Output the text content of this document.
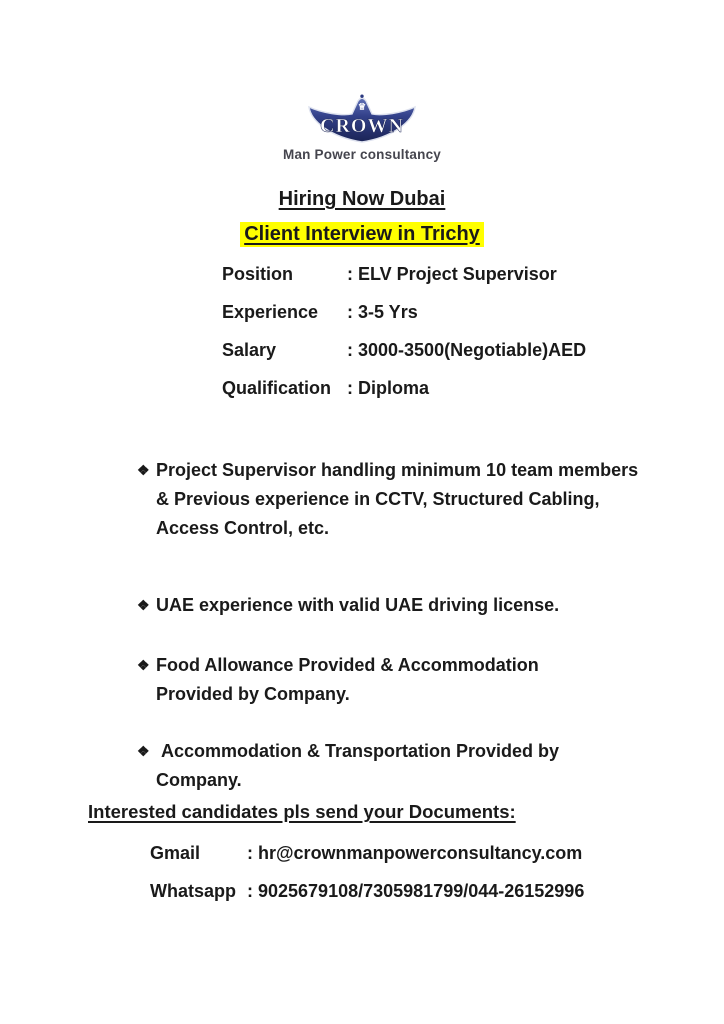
♕
CROWN
Man Power consultancy
Hiring Now Dubai
Client Interview in Trichy
Position	: ELV Project Supervisor
Experience	: 3-5 Yrs
Salary	: 3000-3500(Negotiable)AED
Qualification : Diploma
❖ Project Supervisor handling minimum 10 team members & Previous experience in CCTV, Structured Cabling, Access Control, etc.
❖ UAE experience with valid UAE driving license.
❖ Food Allowance Provided & Accommodation Provided by Company.
❖ Accommodation & Transportation Provided by Company.
Interested candidates pls send your Documents:
Gmail	: hr@crownmanpowerconsultancy.com
Whatsapp : 9025679108/7305981799/044-26152996
